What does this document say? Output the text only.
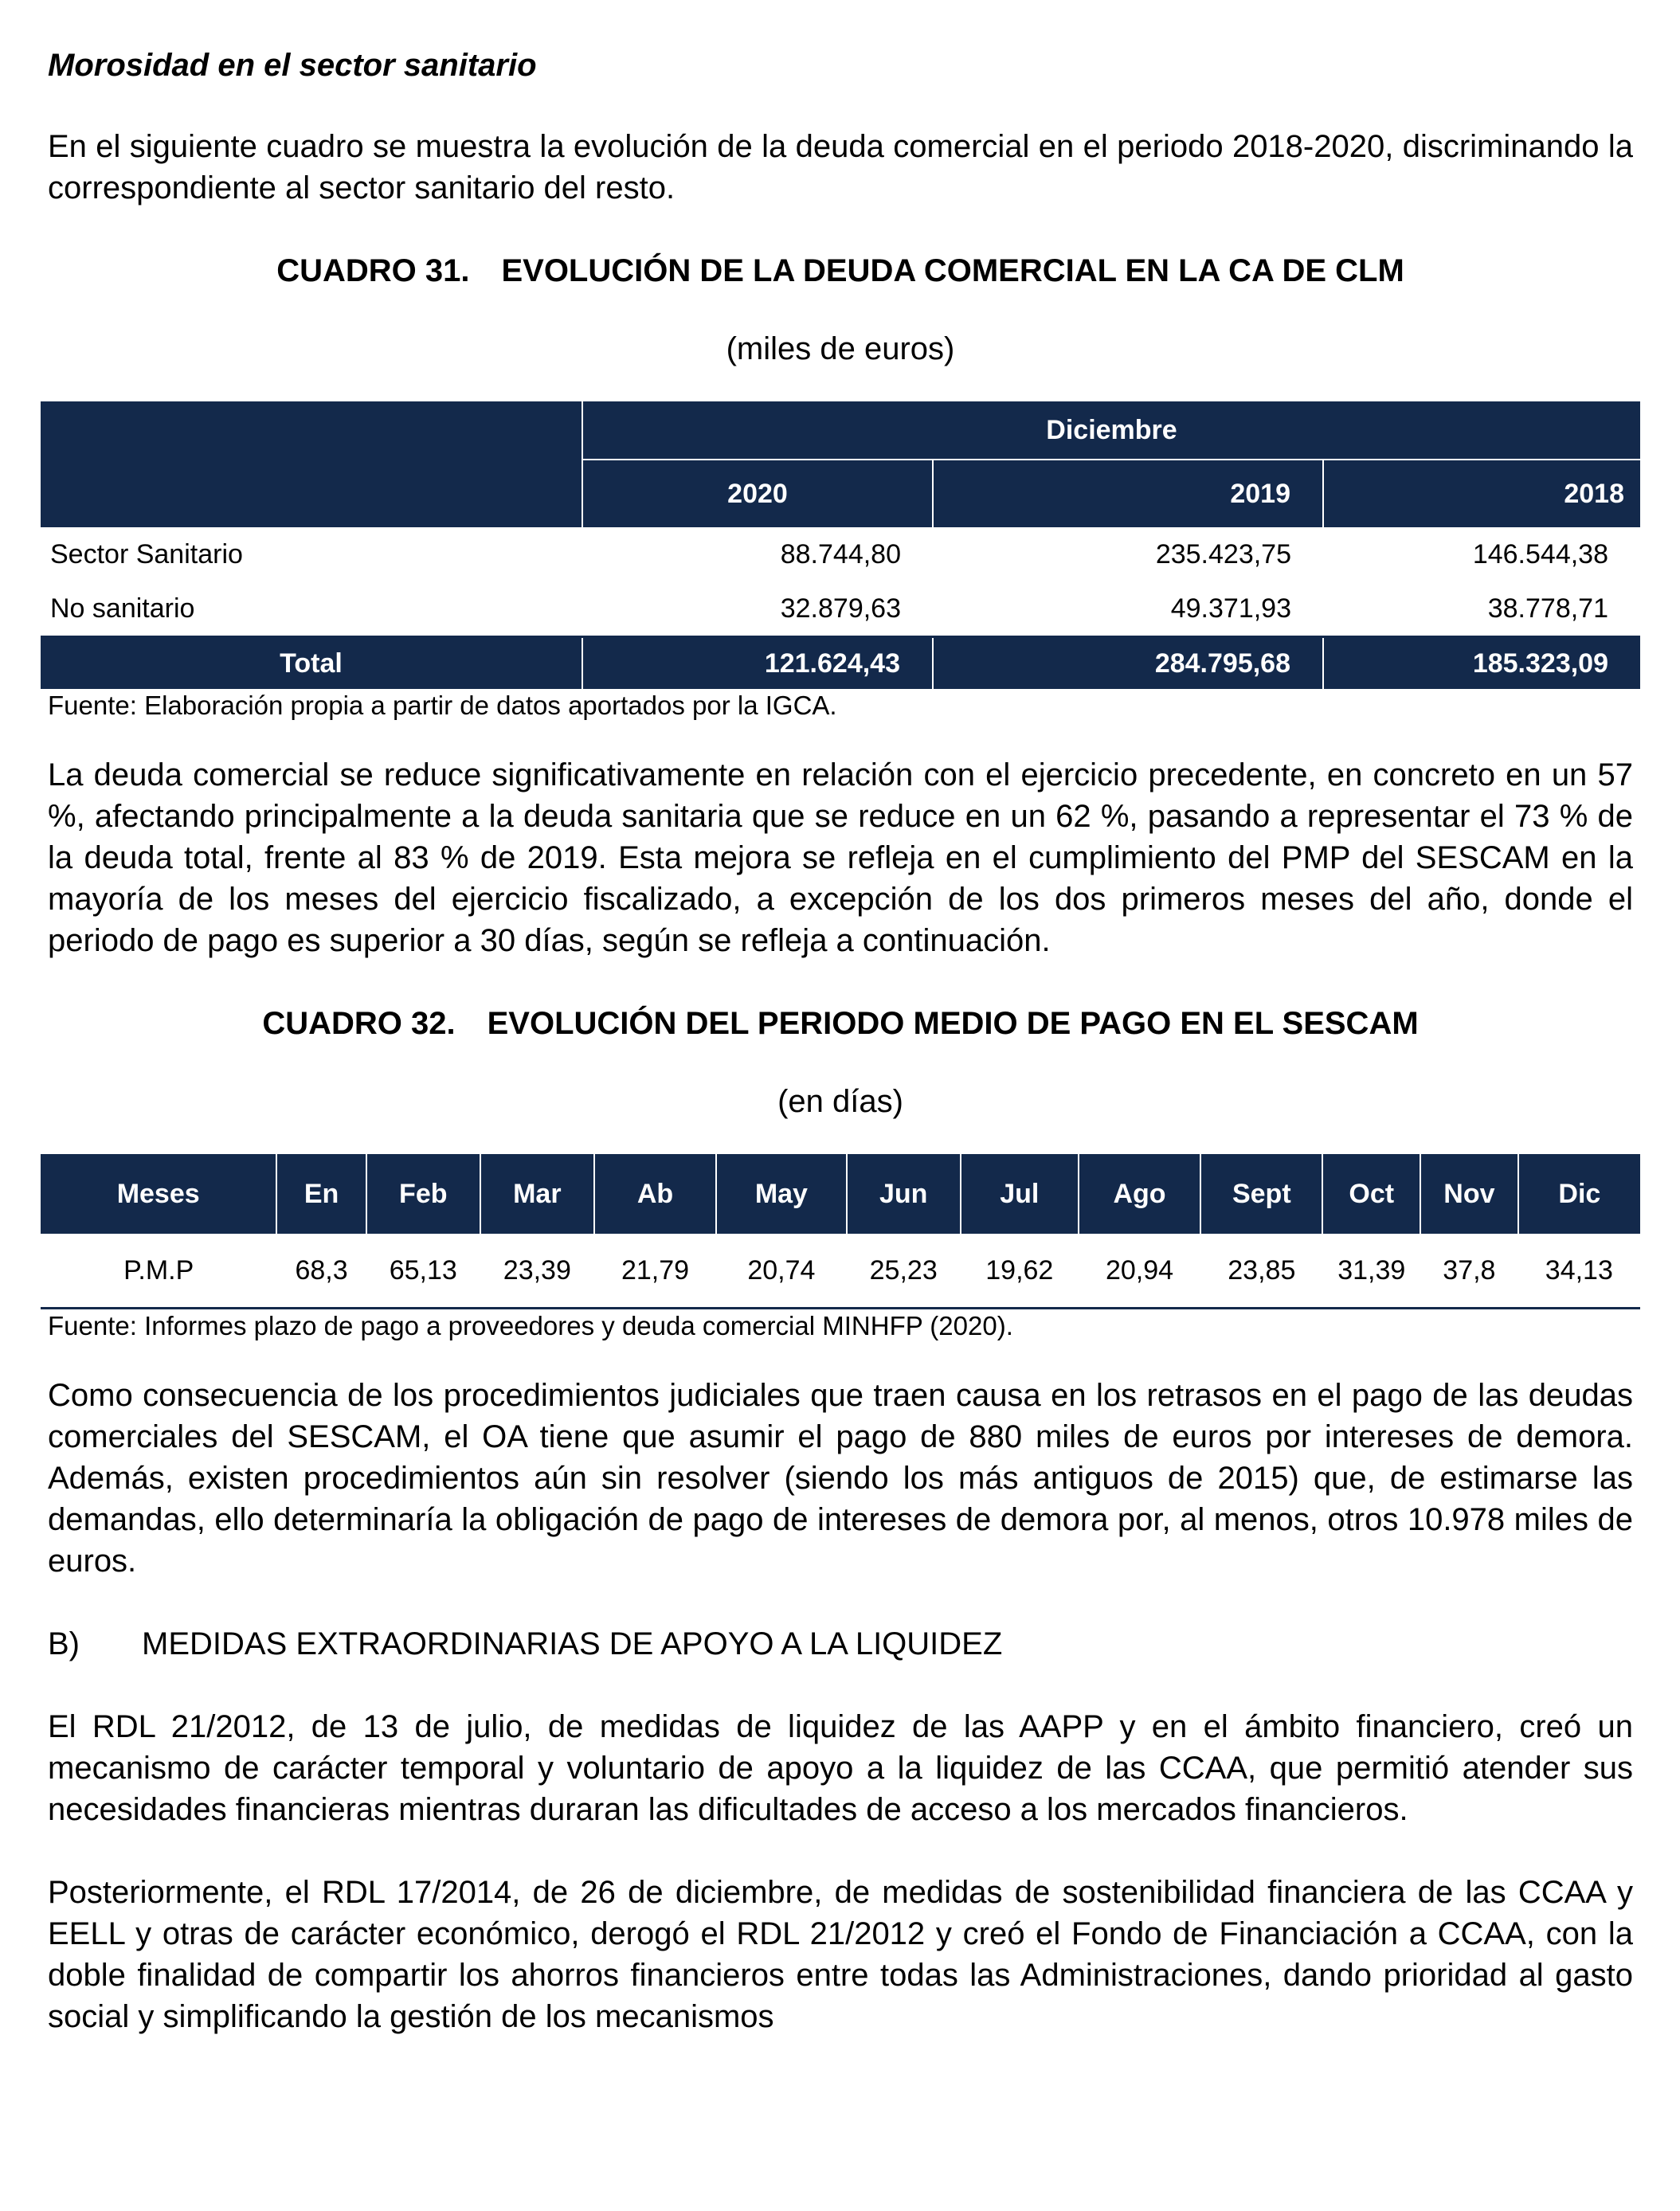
Morosidad en el sector sanitario

En el siguiente cuadro se muestra la evolución de la deuda comercial en el periodo 2018-2020, discriminando la correspondiente al sector sanitario del resto.

CUADRO 31. EVOLUCIÓN DE LA DEUDA COMERCIAL EN LA CA DE CLM

(miles de euros)

	Diciembre		
	2020	2019	2018
Sector Sanitario	88.744,80	235.423,75	146.544,38
No sanitario	32.879,63	49.371,93	38.778,71
Total	121.624,43	284.795,68	185.323,09

Fuente: Elaboración propia a partir de datos aportados por la IGCA.

La deuda comercial se reduce significativamente en relación con el ejercicio precedente, en concreto en un 57 %, afectando principalmente a la deuda sanitaria que se reduce en un 62 %, pasando a representar el 73 % de la deuda total, frente al 83 % de 2019. Esta mejora se refleja en el cumplimiento del PMP del SESCAM en la mayoría de los meses del ejercicio fiscalizado, a excepción de los dos primeros meses del año, donde el periodo de pago es superior a 30 días, según se refleja a continuación.

CUADRO 32. EVOLUCIÓN DEL PERIODO MEDIO DE PAGO EN EL SESCAM

(en días)

Meses	En	Feb	Mar	Ab	May	Jun	Jul	Ago	Sept	Oct	Nov	Dic
P.M.P	68,3	65,13	23,39	21,79	20,74	25,23	19,62	20,94	23,85	31,39	37,8	34,13

Fuente: Informes plazo de pago a proveedores y deuda comercial MINHFP (2020).

Como consecuencia de los procedimientos judiciales que traen causa en los retrasos en el pago de las deudas comerciales del SESCAM, el OA tiene que asumir el pago de 880 miles de euros por intereses de demora. Además, existen procedimientos aún sin resolver (siendo los más antiguos de 2015) que, de estimarse las demandas, ello determinaría la obligación de pago de intereses de demora por, al menos, otros 10.978 miles de euros.

B) MEDIDAS EXTRAORDINARIAS DE APOYO A LA LIQUIDEZ

El RDL 21/2012, de 13 de julio, de medidas de liquidez de las AAPP y en el ámbito financiero, creó un mecanismo de carácter temporal y voluntario de apoyo a la liquidez de las CCAA, que permitió atender sus necesidades financieras mientras duraran las dificultades de acceso a los mercados financieros.

Posteriormente, el RDL 17/2014, de 26 de diciembre, de medidas de sostenibilidad financiera de las CCAA y EELL y otras de carácter económico, derogó el RDL 21/2012 y creó el Fondo de Financiación a CCAA, con la doble finalidad de compartir los ahorros financieros entre todas las Administraciones, dando prioridad al gasto social y simplificando la gestión de los mecanismos
